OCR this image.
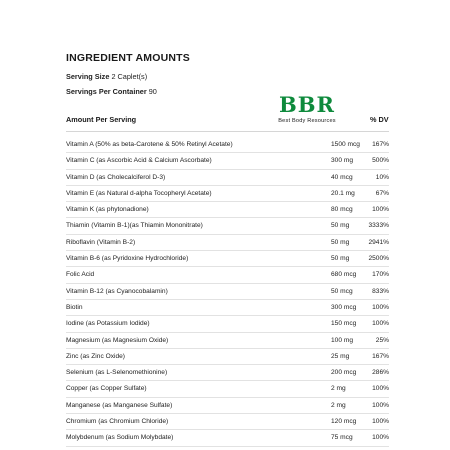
INGREDIENT AMOUNTS
Serving Size 2 Caplet(s)
Servings Per Container 90
BBR
Best Body Resources
Amount Per Serving	% DV
Vitamin A (50% as beta-Carotene & 50% Retinyl Acetate)	1500 mcg 167%
Vitamin C (as Ascorbic Acid & Calcium Ascorbate)	300 mg	500%
Vitamin D (as Cholecalciferol D-3)	40 mcg	10%
Vitamin E (as Natural d-alpha Tocopheryl Acetate)	20.1 mg	67%
Vitamin K (as phytonadione)	80 mcg	100%
Thiamin (Vitamin B-1)(as Thiamin Mononitrate)	50 mg	3333%
Riboflavin (Vitamin B-2)	50 mg	2941%
Vitamin B-6 (as Pyridoxine Hydrochloride)	50 mg	2500%
Folic Acid	680 mcg 170%
Vitamin B-12 (as Cyanocobalamin)	50 mcg	833%
Biotin	300 mcg 100%
Iodine (as Potassium Iodide)	150 mcg 100%
Magnesium (as Magnesium Oxide)	100 mg	25%
Zinc (as Zinc Oxide)	25 mg	167%
Selenium (as L-Selenomethionine)	200 mcg 286%
Copper (as Copper Sulfate)	2 mg	100%
Manganese (as Manganese Sulfate)	2 mg	100%
Chromium (as Chromium Chloride)	120 mcg 100%
Molybdenum (as Sodium Molybdate)	75 mcg	100%
